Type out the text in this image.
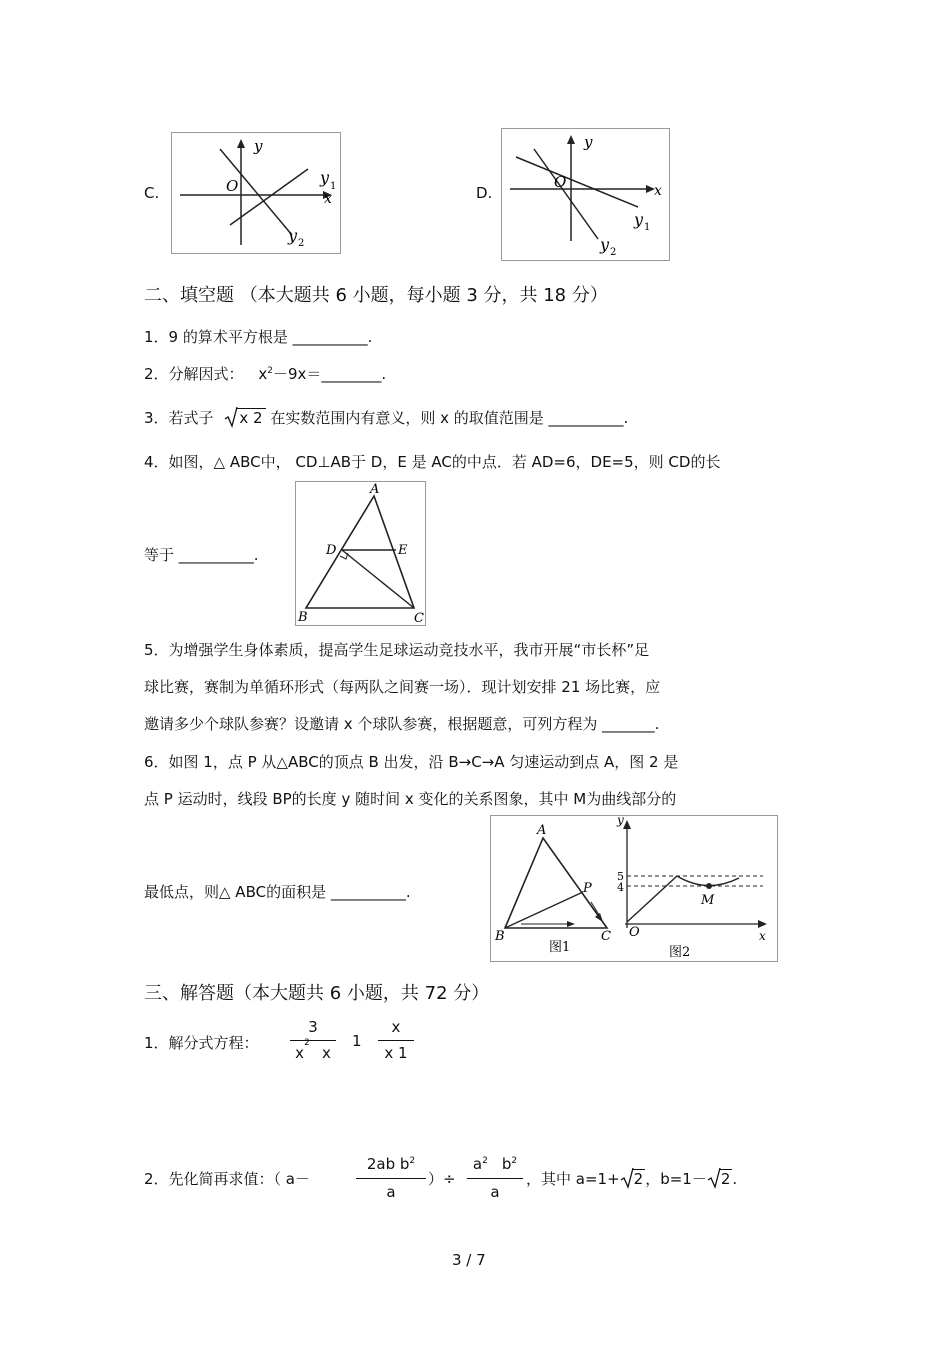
C.
y
x
O	y 1
y 2
D.
y
x
O
y 1
y 2
二、填空题 （本大题共 6 小题，每小题 3 分，共 18 分）
1．9 的算术平方根是 __________.
2．分解因式： $x^2-9x=\_\_\_\_\_\_\_\_$.
3．若式子 x 2 在实数范围内有意义，则 x 的取值范围是 __________.
4．如图，△ ABC中， CD⊥AB于 D，E 是 AC的中点．若 AD=6，DE=5，则 CD的长
等于 __________.
A
B	C
D	E
5．为增强学生身体素质，提高学生足球运动竞技水平，我市开展“市长杯”足
球比赛，赛制为单循环形式（每两队之间赛一场）．现计划安排 21 场比赛，应
邀请多少个球队参赛？设邀请 x 个球队参赛，根据题意，可列方程为 _______.
6．如图 1，点 P 从△ABC的顶点 B 出发，沿 B→C→A 匀速运动到点 A，图 2 是
点 P 运动时，线段 BP的长度 y 随时间 x 变化的关系图象，其中 M为曲线部分的
最低点，则△ ABC的面积是 __________.
A
B	C
P
图1
y
x
O
5
4
M
图2
三、解答题（本大题共 6 小题，共 72 分）
1．解分式方程：
3
x
2
x
1
x
x 1
2．先化简再求值：（ a－
2ab $b^2$
a
）÷
$a^2$ $b^2$
a
，其中 a=1+ 2 ，b=1－ 2 .
3 / 7
